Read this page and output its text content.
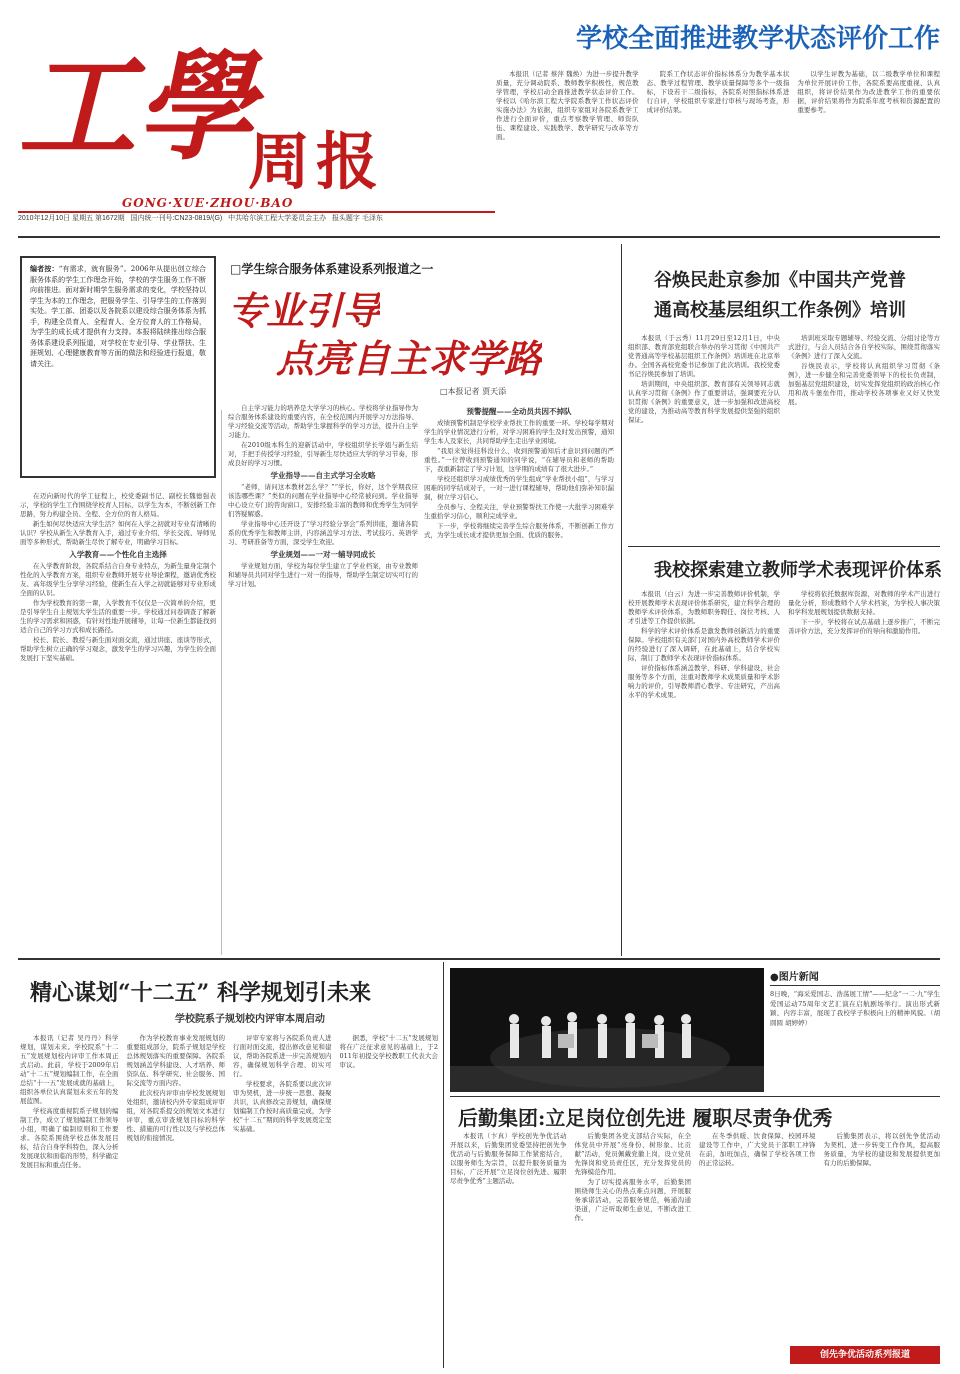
工學
周报
GONG·XUE·ZHOU·BAO
2010年12月10日 星期五 第1672期 国内统一刊号:CN23-0819/(G) 中共哈尔滨工程大学委员会主办 报头题字 毛泽东
学校全面推进教学状态评价工作

本报讯（记者 蔡萍 魏焕）为进一步提升教学质量，充分调动院系、教师教学积极性，规范教学管理，学校启动全面推进教学状态评价工作。学校以《哈尔滨工程大学院系教学工作状态评价实施办法》为依据，组织专家组对各院系教学工作进行全面评价，重点考察教学管理、师资队伍、课程建设、实践教学、教学研究与改革等方面。

院系工作状态评价指标体系分为教学基本状态、教学过程管理、教学质量保障等多个一级指标，下设若干二级指标，各院系对照指标体系进行自评，学校组织专家进行审核与现场考查，形成评价结果。

以学生评教为基础，以二级教学单位和课程为单位开展评价工作，各院系要高度重视、认真组织，将评价结果作为改进教学工作的重要依据，评价结果将作为院系年度考核和资源配置的重要参考。

编者按：“有需求，就有服务”。2006年从提出创立综合服务体系的学生工作理念开始，学校的学生服务工作不断向前推进。面对新时期学生服务需求的变化，学校坚持以学生为本的工作理念，把服务学生、引导学生的工作落到实处。学工部、团委以及各院系以建设综合服务体系为抓手，构建全员育人、全程育人、全方位育人的工作格局，为学生的成长成才提供有力支持。本报将陆续推出综合服务体系建设系列报道，对学校在专业引导、学业帮扶、生涯规划、心理健康教育等方面的做法和经验进行报道，敬请关注。
□学生综合服务体系建设系列报道之一
专业引导
点亮自主求学路
□本报记者 贾天添

在迈向新时代的学工征程上，校党委副书记、副校长魏德强表示，学校的学生工作围绕学校育人目标，以学生为本，不断创新工作思路，努力构建全员、全程、全方位的育人格局。

新生如何尽快适应大学生活？如何在入学之初就对专业有清晰的认识？学校从新生入学教育入手，通过专业介绍、学长交流、导师见面等多种形式，帮助新生尽快了解专业，明确学习目标。

入学教育——个性化自主选择

在入学教育阶段，各院系结合自身专业特点，为新生量身定制个性化的入学教育方案，组织专业教师开展专业导论课程，邀请优秀校友、高年级学生分享学习经验，使新生在入学之初就能够对专业形成全面的认识。

作为学校教育的第一课，入学教育不仅仅是一次简单的介绍，更是引导学生自主规划大学生活的重要一步。学校通过问卷调查了解新生的学习需求和困惑，有针对性地开展辅导，让每一位新生都能找到适合自己的学习方式和成长路径。

校长、院长、教授与新生面对面交流，通过讲座、座谈等形式，帮助学生树立正确的学习观念，激发学生的学习兴趣，为学生的全面发展打下坚实基础。

自主学习能力的培养是大学学习的核心。学校将学业指导作为综合服务体系建设的重要内容，在全校范围内开展学习方法指导、学习经验交流等活动，帮助学生掌握科学的学习方法，提升自主学习能力。

在2010级本科生的迎新活动中，学校组织学长学姐与新生结对，手把手传授学习经验，引导新生尽快适应大学的学习节奏，形成良好的学习习惯。

学业指导——自主式学习全攻略

“老师，请问这本教材怎么学？”“学长，你好，这个学期我应该选哪些课？”类似的问题在学业指导中心经常被问到。学业指导中心设立专门的咨询窗口，安排经验丰富的教师和优秀学生为同学们答疑解惑。

学业指导中心还开设了“学习经验分享会”系列讲座，邀请各院系的优秀学生和教师主讲，内容涵盖学习方法、考试技巧、英语学习、考研准备等方面，深受学生欢迎。

学业规划——一对一辅导同成长

学业规划方面，学校为每位学生建立了学业档案，由专业教师和辅导员共同对学生进行一对一的指导，帮助学生制定切实可行的学习计划。

预警提醒——全动员共因不掉队

成绩预警机制是学校学业帮扶工作的重要一环。学校每学期对学生的学业情况进行分析，对学习困难的学生及时发出预警，通知学生本人及家长，共同帮助学生走出学业困境。

“我原来觉得挂科没什么，收到预警通知后才意识到问题的严重性。”一位曾收到预警通知的同学说，“在辅导员和老师的帮助下，我重新制定了学习计划，这学期的成绩有了很大进步。”

学校还组织学习成绩优秀的学生组成“学业帮扶小组”，与学习困难的同学结成对子，一对一进行课程辅导，帮助他们弥补知识漏洞，树立学习信心。

全员参与、全程关注，学业预警帮扶工作使一大批学习困难学生重拾学习信心，顺利完成学业。

下一步，学校将继续完善学生综合服务体系，不断创新工作方式，为学生成长成才提供更加全面、优质的服务。

谷焕民赴京参加《中国共产党普
通高校基层组织工作条例》培训

本报讯（于云秀）11月29日至12月1日，中央组织部、教育部党组联合举办的学习贯彻《中国共产党普通高等学校基层组织工作条例》培训班在北京举办。全国各高校党委书记参加了此次培训。我校党委书记谷焕民参加了培训。

培训期间，中央组织部、教育部有关领导同志就认真学习贯彻《条例》作了重要讲话，强调要充分认识贯彻《条例》的重要意义，进一步加强和改进高校党的建设，为推动高等教育科学发展提供坚强的组织保证。

培训班采取专题辅导、经验交流、分组讨论等方式进行，与会人员结合各自学校实际，围绕贯彻落实《条例》进行了深入交流。

谷焕民表示，学校将认真组织学习贯彻《条例》，进一步健全和完善党委领导下的校长负责制，加强基层党组织建设，切实发挥党组织的政治核心作用和战斗堡垒作用，推动学校各项事业又好又快发展。

我校探索建立教师学术表现评价体系

本报讯（白云）为进一步完善教师评价机制，学校开展教师学术表现评价体系研究，建立科学合理的教师学术评价体系，为教师职务聘任、岗位考核、人才引进等工作提供依据。

科学的学术评价体系是激发教师创新活力的重要保障。学校组织有关部门对国内外高校教师学术评价的经验进行了深入调研，在此基础上，结合学校实际，制订了教师学术表现评价指标体系。

评价指标体系涵盖教学、科研、学科建设、社会服务等多个方面，注重对教师学术成果质量和学术影响力的评价，引导教师潜心教学、专注研究，产出高水平的学术成果。

学校将依托数据库资源，对教师的学术产出进行量化分析，形成教师个人学术档案，为学校人事决策和学科发展规划提供数据支持。

下一步，学校将在试点基础上逐步推广，不断完善评价方法，充分发挥评价的导向和激励作用。

精心谋划“十二五” 科学规划引未来
学校院系子规划校内评审本周启动

本报讯（记者 吴丹丹）科学规划，谋划未来。学校院系“十二五”发展规划校内评审工作本周正式启动。此前，学校于2009年启动“十二五”规划编制工作，在全面总结“十一五”发展成就的基础上，组织各单位认真谋划未来五年的发展蓝图。

学校高度重视院系子规划的编制工作，成立了规划编制工作领导小组，明确了编制原则和工作要求。各院系围绕学校总体发展目标，结合自身学科特色，深入分析发展现状和面临的形势，科学确定发展目标和重点任务。

作为学校教育事业发展规划的重要组成部分，院系子规划是学校总体规划落实的重要保障。各院系规划涵盖学科建设、人才培养、师资队伍、科学研究、社会服务、国际交流等方面内容。

此次校内评审由学校发展规划处组织，邀请校内外专家组成评审组，对各院系提交的规划文本进行评审，重点审查规划目标的科学性、措施的可行性以及与学校总体规划的衔接情况。

评审专家将与各院系负责人进行面对面交流，提出修改意见和建议，帮助各院系进一步完善规划内容，确保规划科学合理、切实可行。

学校要求，各院系要以此次评审为契机，进一步统一思想、凝聚共识，认真修改完善规划，确保规划编制工作按时高质量完成，为学校“十二五”期间的科学发展奠定坚实基础。

据悉，学校“十二五”发展规划将在广泛征求意见的基础上，于2011年初提交学校教职工代表大会审议。

●图片新闻
8日晚，“海采爱国志、浩荡展工情”——纪念“一二·九”学生爱国运动75周年文艺汇演在启航剧场举行。演出形式新颖、内容丰富，展现了我校学子积极向上的精神风貌。（胡圆圆 胡婷婷）
后勤集团:立足岗位创先进 履职尽责争优秀

本报讯（卞真）学校创先争优活动开展以来，后勤集团党委坚持把创先争优活动与后勤服务保障工作紧密结合，以服务师生为宗旨，以提升服务质量为目标，广泛开展“立足岗位创先进、履职尽责争优秀”主题活动。

后勤集团各党支部结合实际，在全体党员中开展“亮身份、树形象、比贡献”活动，党员佩戴党徽上岗，设立党员先锋岗和党员责任区，充分发挥党员的先锋模范作用。

为了切实提高服务水平，后勤集团围绕师生关心的热点难点问题，开展服务承诺活动，完善服务规范，畅通沟通渠道，广泛听取师生意见，不断改进工作。

在冬季供暖、饮食保障、校园环境建设等工作中，广大党员干部职工冲锋在前，加班加点，确保了学校各项工作的正常运转。

后勤集团表示，将以创先争优活动为契机，进一步转变工作作风，提高服务质量，为学校的建设和发展提供更加有力的后勤保障。

创先争优活动系列报道
